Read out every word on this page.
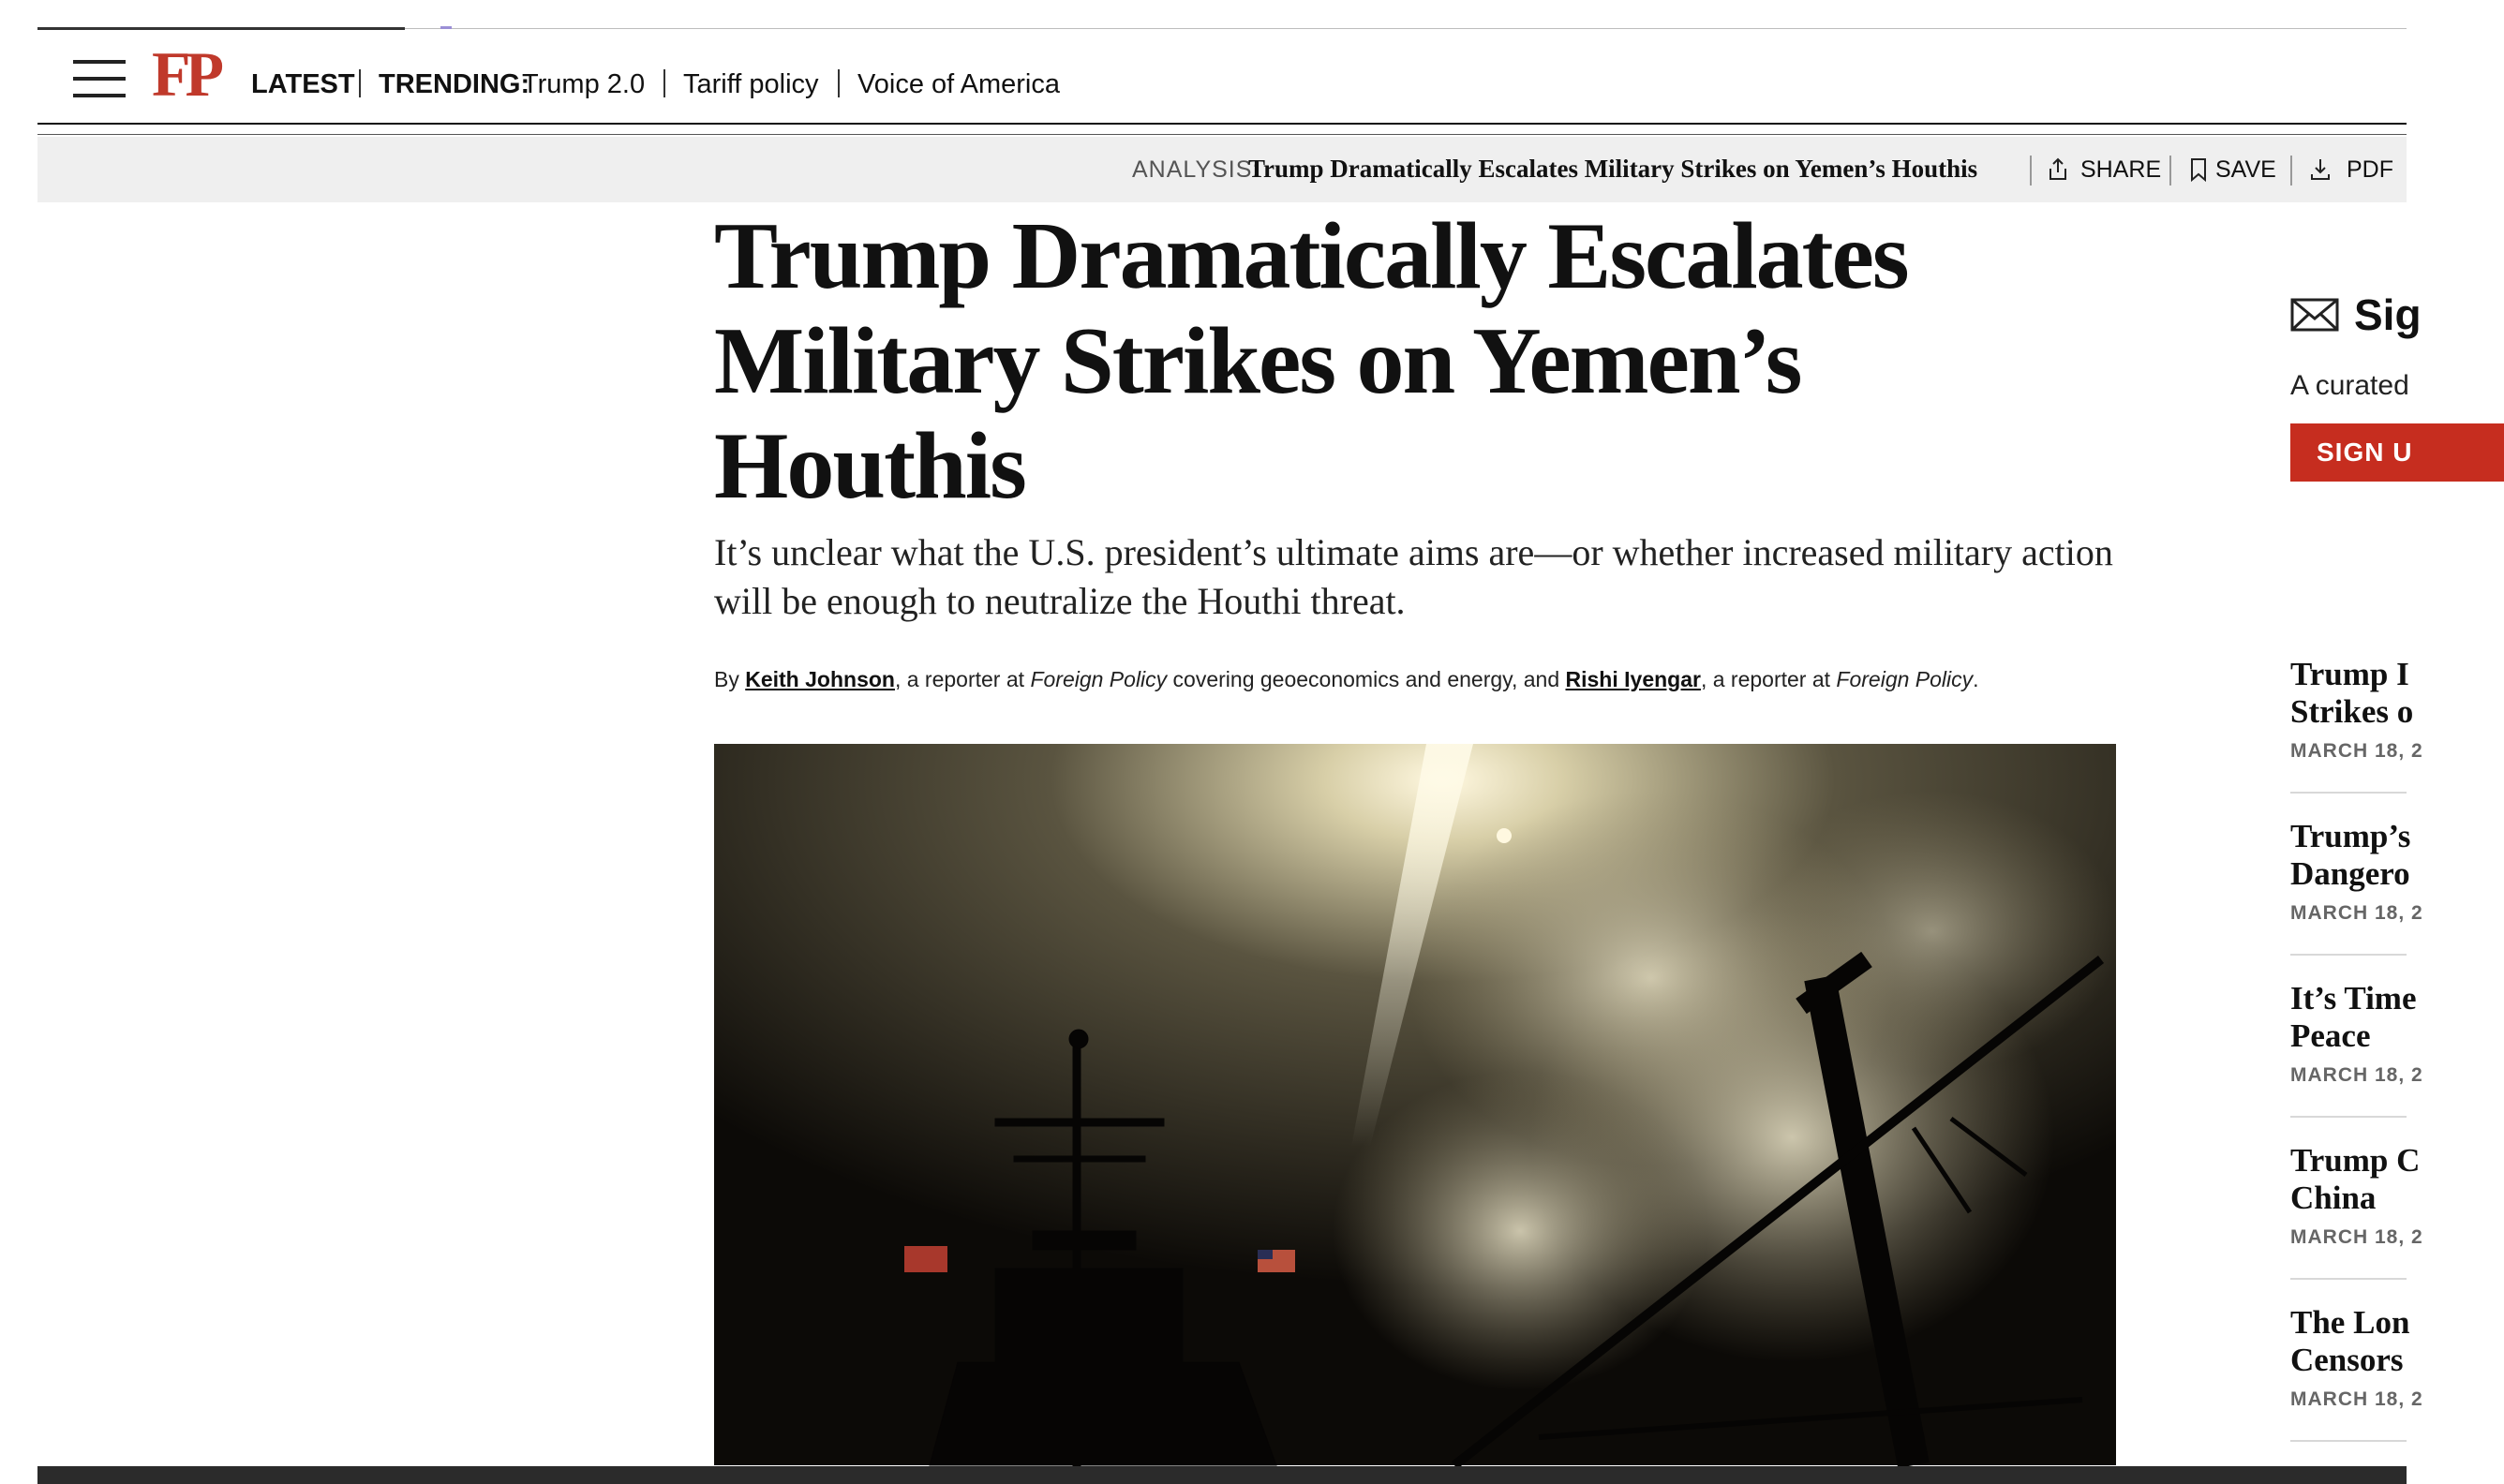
FP LATEST TRENDING:
Trump 2.0 Tariff policy Voice of America
ANALYSIS:
Trump Dramatically Escalates Military Strikes on Yemen’s Houthis	SHARE SAVE	PDF
Trump Dramatically Escalates Military Strikes on Yemen’s Houthis

It’s unclear what the U.S. president’s ultimate aims are—or whether increased military action will be enough to neutralize the Houthi threat.

By Keith Johnson, a reporter at Foreign Policy covering geoeconomics and energy, and Rishi Iyengar, a reporter at Foreign Policy.
Sig
A curated
SIGN U
Trump I
Strikes o
MARCH 18, 2
Trump’s
Dangero
MARCH 18, 2
It’s Time
Peace
MARCH 18, 2
Trump C
China
MARCH 18, 2
The Lon
Censors
MARCH 18, 2
